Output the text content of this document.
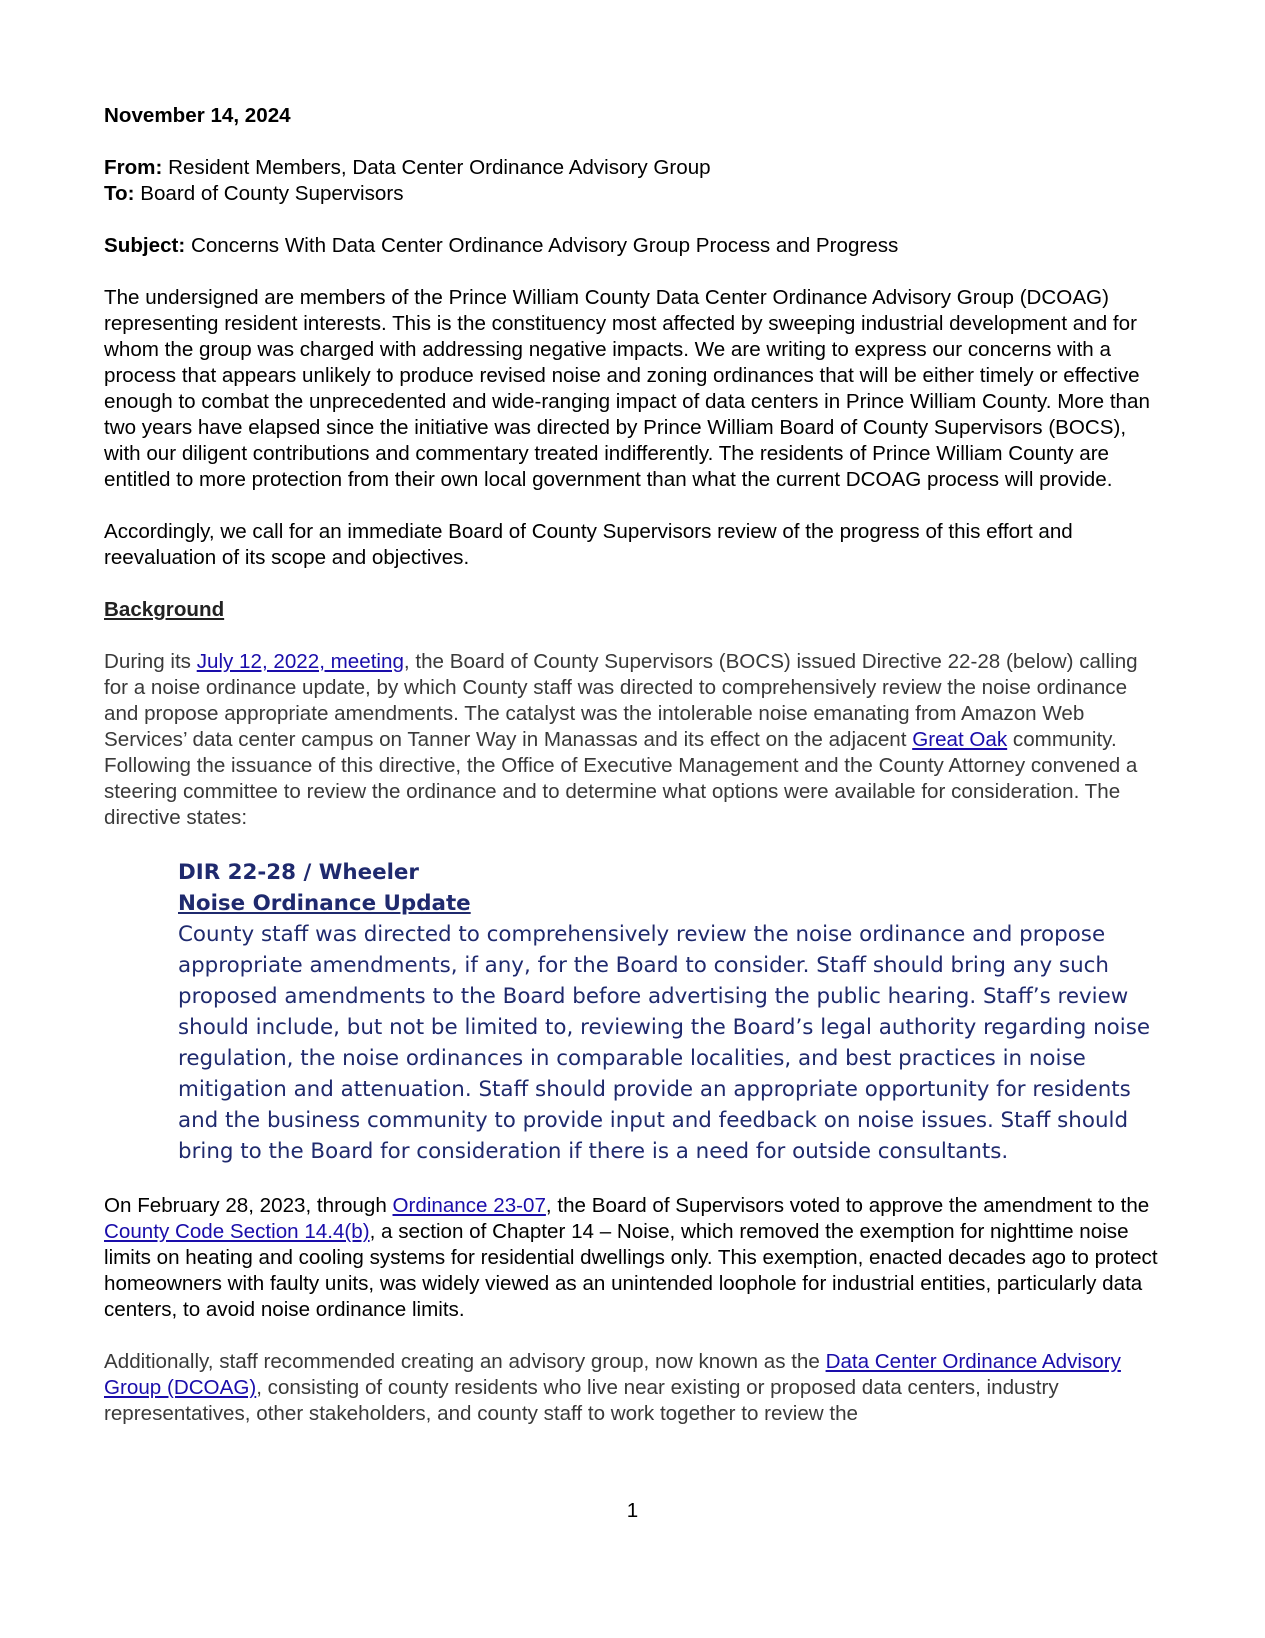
November 14, 2024

From: Resident Members, Data Center Ordinance Advisory Group

To: Board of County Supervisors

Subject: Concerns With Data Center Ordinance Advisory Group Process and Progress

The undersigned are members of the Prince William County Data Center Ordinance Advisory Group (DCOAG) representing resident interests. This is the constituency most affected by sweeping industrial development and for whom the group was charged with addressing negative impacts. We are writing to express our concerns with a process that appears unlikely to produce revised noise and zoning ordinances that will be either timely or effective enough to combat the unprecedented and wide-ranging impact of data centers in Prince William County. More than two years have elapsed since the initiative was directed by Prince William Board of County Supervisors (BOCS), with our diligent contributions and commentary treated indifferently. The residents of Prince William County are entitled to more protection from their own local government than what the current DCOAG process will provide.

Accordingly, we call for an immediate Board of County Supervisors review of the progress of this effort and reevaluation of its scope and objectives.

Background

During its July 12, 2022, meeting, the Board of County Supervisors (BOCS) issued Directive 22-28 (below) calling for a noise ordinance update, by which County staff was directed to comprehensively review the noise ordinance and propose appropriate amendments. The catalyst was the intolerable noise emanating from Amazon Web Services’ data center campus on Tanner Way in Manassas and its effect on the adjacent Great Oak community. Following the issuance of this directive, the Office of Executive Management and the County Attorney convened a steering committee to review the ordinance and to determine what options were available for consideration. The directive states:

DIR 22-28 / Wheeler

Noise Ordinance Update

County staff was directed to comprehensively review the noise ordinance and propose appropriate amendments, if any, for the Board to consider. Staff should bring any such proposed amendments to the Board before advertising the public hearing. Staff’s review should include, but not be limited to, reviewing the Board’s legal authority regarding noise regulation, the noise ordinances in comparable localities, and best practices in noise mitigation and attenuation. Staff should provide an appropriate opportunity for residents and the business community to provide input and feedback on noise issues. Staff should bring to the Board for consideration if there is a need for outside consultants.

On February 28, 2023, through Ordinance 23-07, the Board of Supervisors voted to approve the amendment to the County Code Section 14.4(b), a section of Chapter 14 – Noise, which removed the exemption for nighttime noise limits on heating and cooling systems for residential dwellings only. This exemption, enacted decades ago to protect homeowners with faulty units, was widely viewed as an unintended loophole for industrial entities, particularly data centers, to avoid noise ordinance limits.

Additionally, staff recommended creating an advisory group, now known as the Data Center Ordinance Advisory Group (DCOAG), consisting of county residents who live near existing or proposed data centers, industry representatives, other stakeholders, and county staff to work together to review the

1
